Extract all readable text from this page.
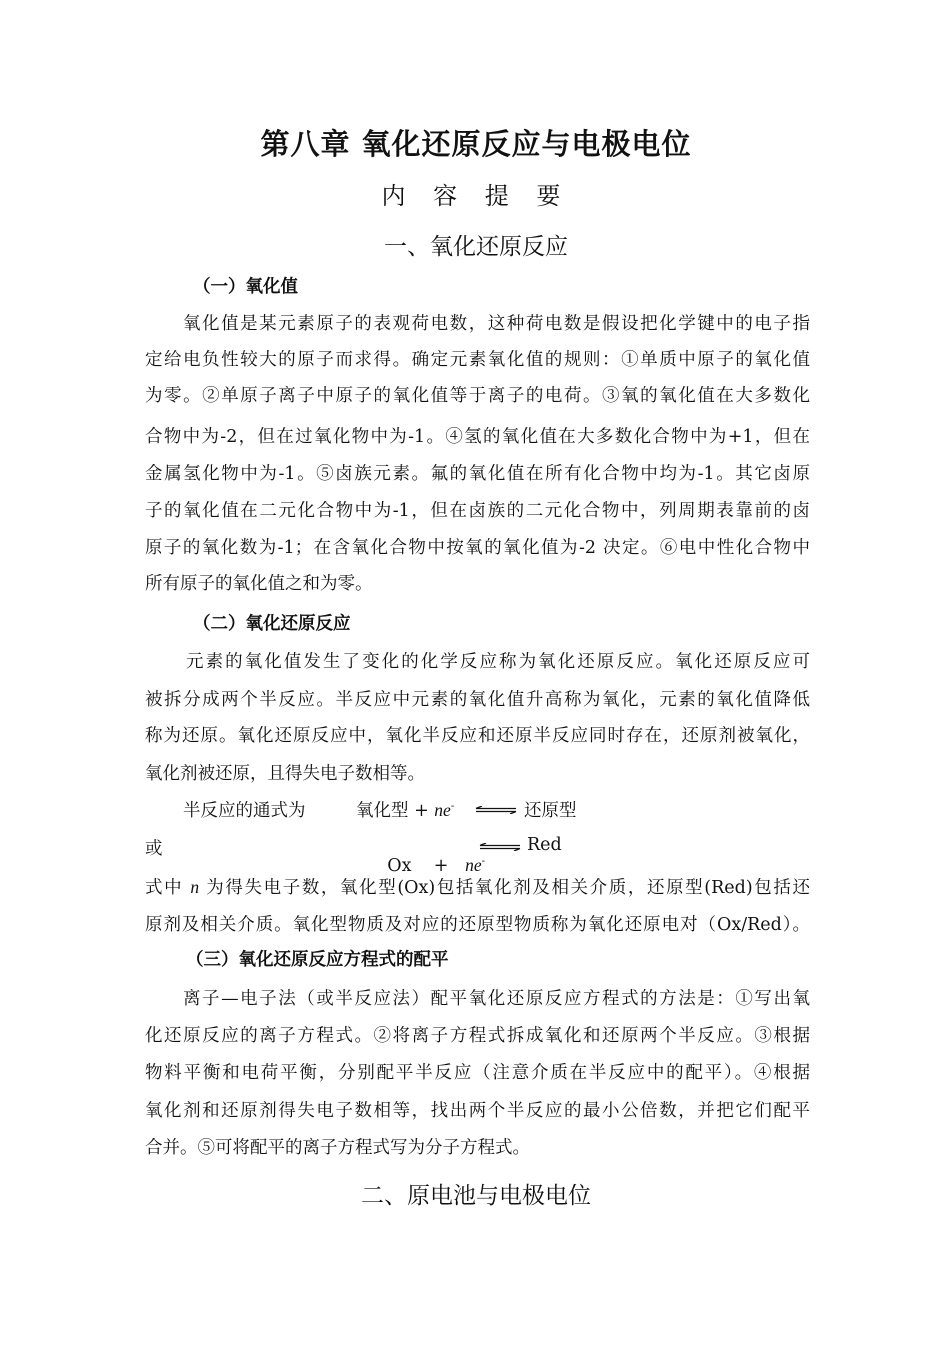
第八章 氧化还原反应与电极电位
内 容 提 要
一、氧化还原反应
（一）氧化值
氧化值是某元素原子的表观荷电数，这种荷电数是假设把化学键中的电子指
定给电负性较大的原子而求得。确定元素氧化值的规则：①单质中原子的氧化值
为零。②单原子离子中原子的氧化值等于离子的电荷。③氧的氧化值在大多数化
合物中为-2，但在过氧化物中为-1。④氢的氧化值在大多数化合物中为+1，但在
金属氢化物中为-1。⑤卤族元素。氟的氧化值在所有化合物中均为-1。其它卤原
子的氧化值在二元化合物中为-1，但在卤族的二元化合物中，列周期表靠前的卤
原子的氧化数为-1；在含氧化合物中按氧的氧化值为-2 决定。⑥电中性化合物中
所有原子的氧化值之和为零。
（二）氧化还原反应
元素的氧化值发生了变化的化学反应称为氧化还原反应。氧化还原反应可
被拆分成两个半反应。半反应中元素的氧化值升高称为氧化，元素的氧化值降低
称为还原。氧化还原反应中，氧化半反应和还原半反应同时存在，还原剂被氧化，
氧化剂被还原，且得失电子数相等。
半反应的通式为	氧化型 + ne- ⇌ 还原型
或

Ox    +   ne-

⇌ Red
式中 n 为得失电子数，氧化型(Ox)包括氧化剂及相关介质，还原型(Red)包括还
原剂及相关介质。氧化型物质及对应的还原型物质称为氧化还原电对（Ox/Red）。
（三）氧化还原反应方程式的配平
离子—电子法（或半反应法）配平氧化还原反应方程式的方法是：①写出氧
化还原反应的离子方程式。②将离子方程式拆成氧化和还原两个半反应。③根据
物料平衡和电荷平衡，分别配平半反应（注意介质在半反应中的配平）。④根据
氧化剂和还原剂得失电子数相等，找出两个半反应的最小公倍数，并把它们配平
合并。⑤可将配平的离子方程式写为分子方程式。
二、原电池与电极电位
